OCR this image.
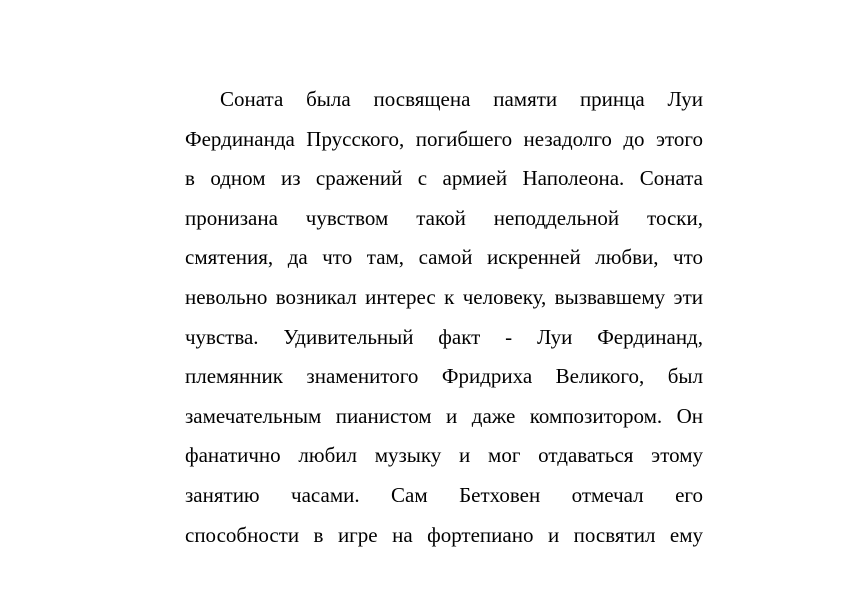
Соната была посвящена памяти принца Луи
Фердинанда Прусского, погибшего незадолго до этого
в одном из сражений с армией Наполеона. Соната
пронизана чувством такой неподдельной тоски,
смятения, да что там, самой искренней любви, что
невольно возникал интерес к человеку, вызвавшему эти
чувства. Удивительный факт - Луи Фердинанд,
племянник знаменитого Фридриха Великого, был
замечательным пианистом и даже композитором. Он
фанатично любил музыку и мог отдаваться этому
занятию часами. Сам Бетховен отмечал его
способности в игре на фортепиано и посвятил ему
